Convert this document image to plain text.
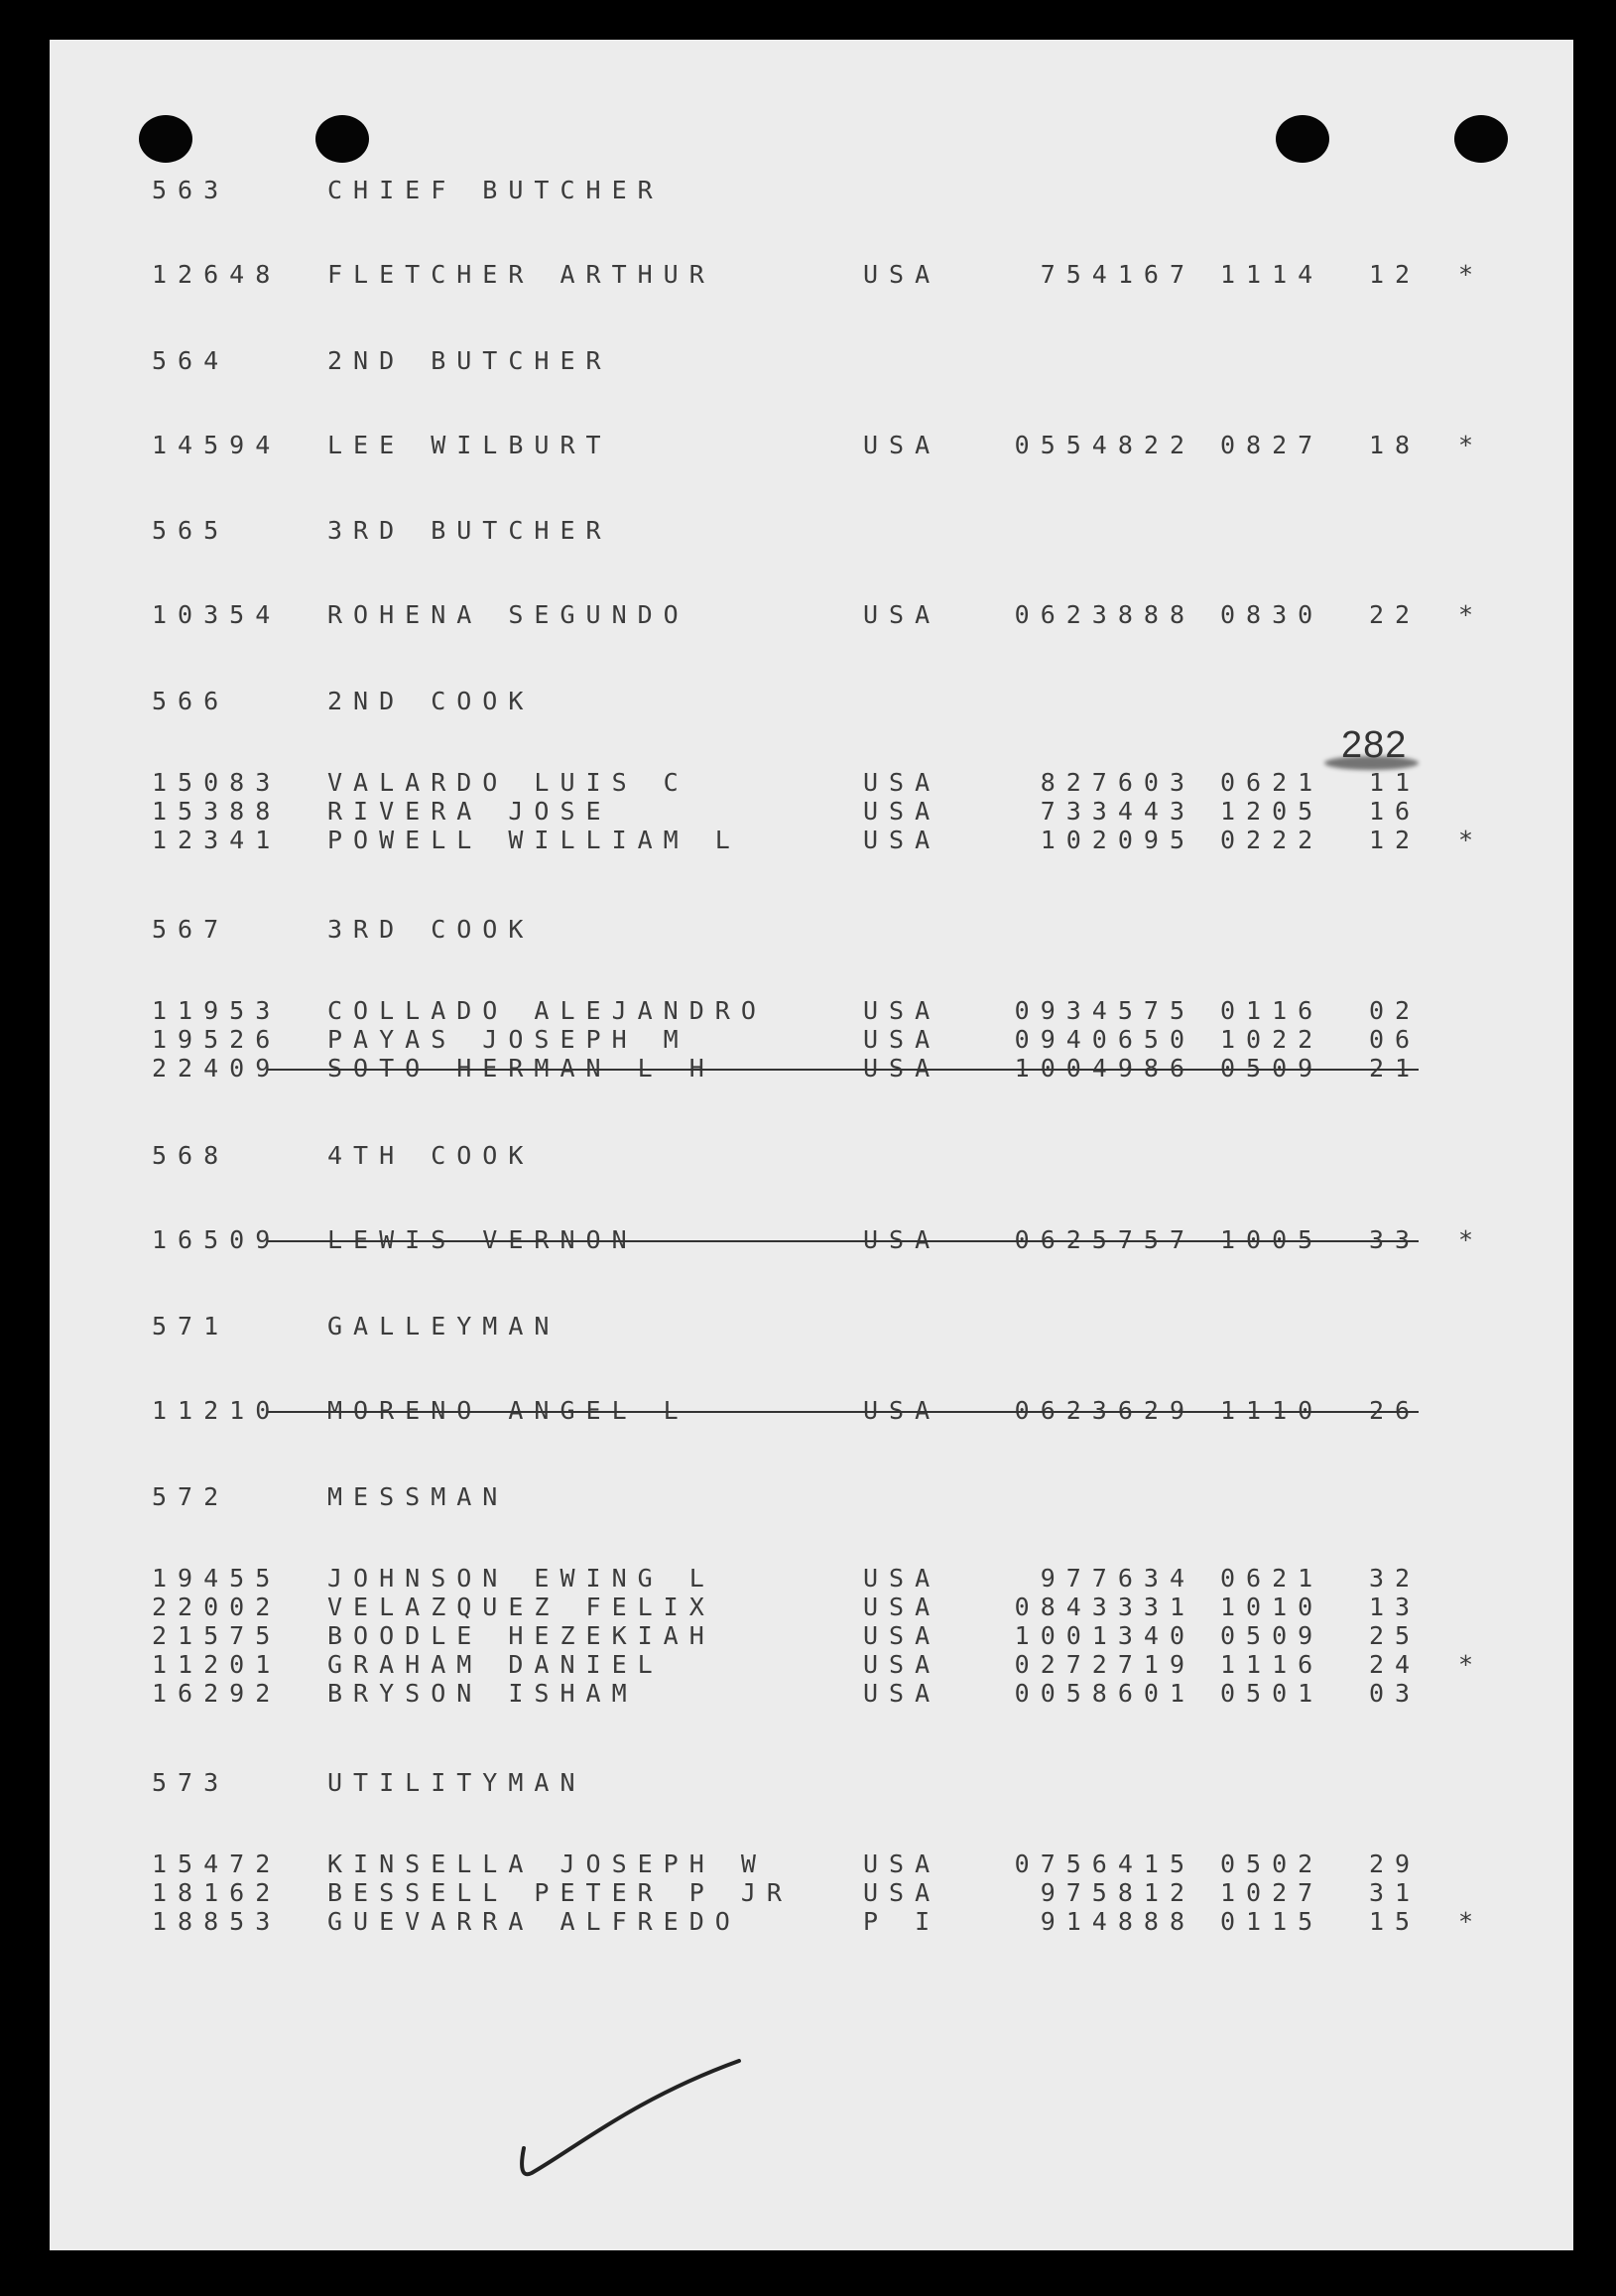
282
563	CHIEF BUTCHER
12648 FLETCHER ARTHUR	USA	754167 1114 12 *
564	2ND BUTCHER
14594 LEE WILBURT	USA	0554822 0827 18 *
565	3RD BUTCHER
10354 ROHENA SEGUNDO	USA	0623888 0830 22 *
566	2ND COOK
15083 VALARDO LUIS C	USA	827603 0621 11
15388 RIVERA JOSE	USA	733443 1205 16
12341 POWELL WILLIAM L	USA	102095 0222 12 *
567	3RD COOK
11953 COLLADO ALEJANDRO	USA	0934575 0116 02
19526 PAYAS JOSEPH M	USA	0940650 1022 06
22409 SOTO HERMAN L H	USA	1004986 0509 21
568	4TH COOK
16509 LEWIS VERNON	USA	0625757 1005 33 *
571	GALLEYMAN
11210 MORENO ANGEL L	USA	0623629 1110 26
572	MESSMAN
19455 JOHNSON EWING L	USA	977634 0621 32
22002 VELAZQUEZ FELIX	USA	0843331 1010 13
21575 BOODLE HEZEKIAH	USA	1001340 0509 25
11201 GRAHAM DANIEL	USA	0272719 1116 24 *
16292 BRYSON ISHAM	USA	0058601 0501 03
573	UTILITYMAN
15472 KINSELLA JOSEPH W	USA	0756415 0502 29
18162 BESSELL PETER P JR	USA	975812 1027 31
18853 GUEVARRA ALFREDO	P I	914888 0115 15 *
